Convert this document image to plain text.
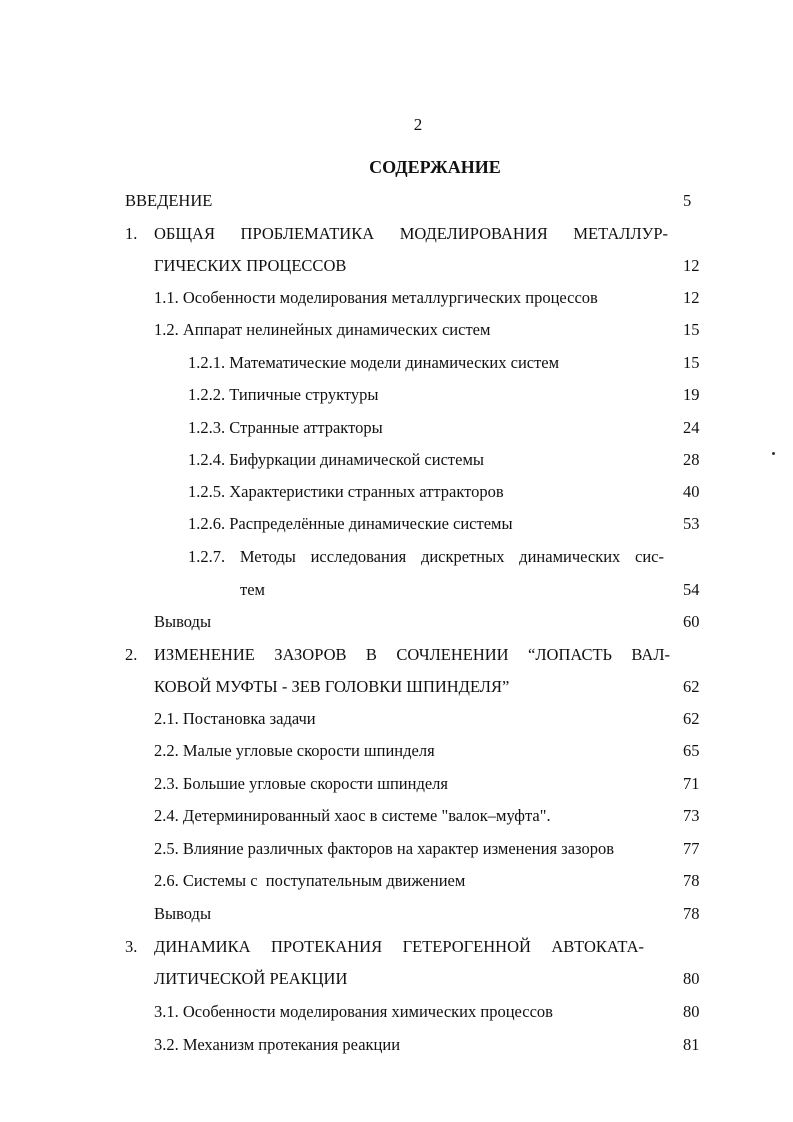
2
СОДЕРЖАНИЕ
ВВЕДЕНИЕ	5
1. ОБЩАЯ ПРОБЛЕМАТИКА МОДЕЛИРОВАНИЯ МЕТАЛЛУР-
ГИЧЕСКИХ ПРОЦЕССОВ	12
1.1. Особенности моделирования металлургических процессов	12
1.2. Аппарат нелинейных динамических систем	15
1.2.1. Математические модели динамических систем	15
1.2.2. Типичные структуры	19
1.2.3. Странные аттракторы	24
1.2.4. Бифуркации динамической системы	28
1.2.5. Характеристики странных аттракторов	40
1.2.6. Распределённые динамические системы	53
1.2.7. Методы исследования дискретных динамических сис-
тем	54
Выводы	60
2. ИЗМЕНЕНИЕ ЗАЗОРОВ В СОЧЛЕНЕНИИ “ЛОПАСТЬ ВАЛ-
КОВОЙ МУФТЫ - ЗЕВ ГОЛОВКИ ШПИНДЕЛЯ”	62
2.1. Постановка задачи	62
2.2. Малые угловые скорости шпинделя	65
2.3. Большие угловые скорости шпинделя	71
2.4. Детерминированный хаос в системе "валок–муфта".	73
2.5. Влияние различных факторов на характер изменения зазоров	77
2.6. Системы с  поступательным движением	78
Выводы	78
3. ДИНАМИКА ПРОТЕКАНИЯ ГЕТЕРОГЕННОЙ АВТОКАТА-
ЛИТИЧЕСКОЙ РЕАКЦИИ	80
3.1. Особенности моделирования химических процессов	80
3.2. Механизм протекания реакции	81
